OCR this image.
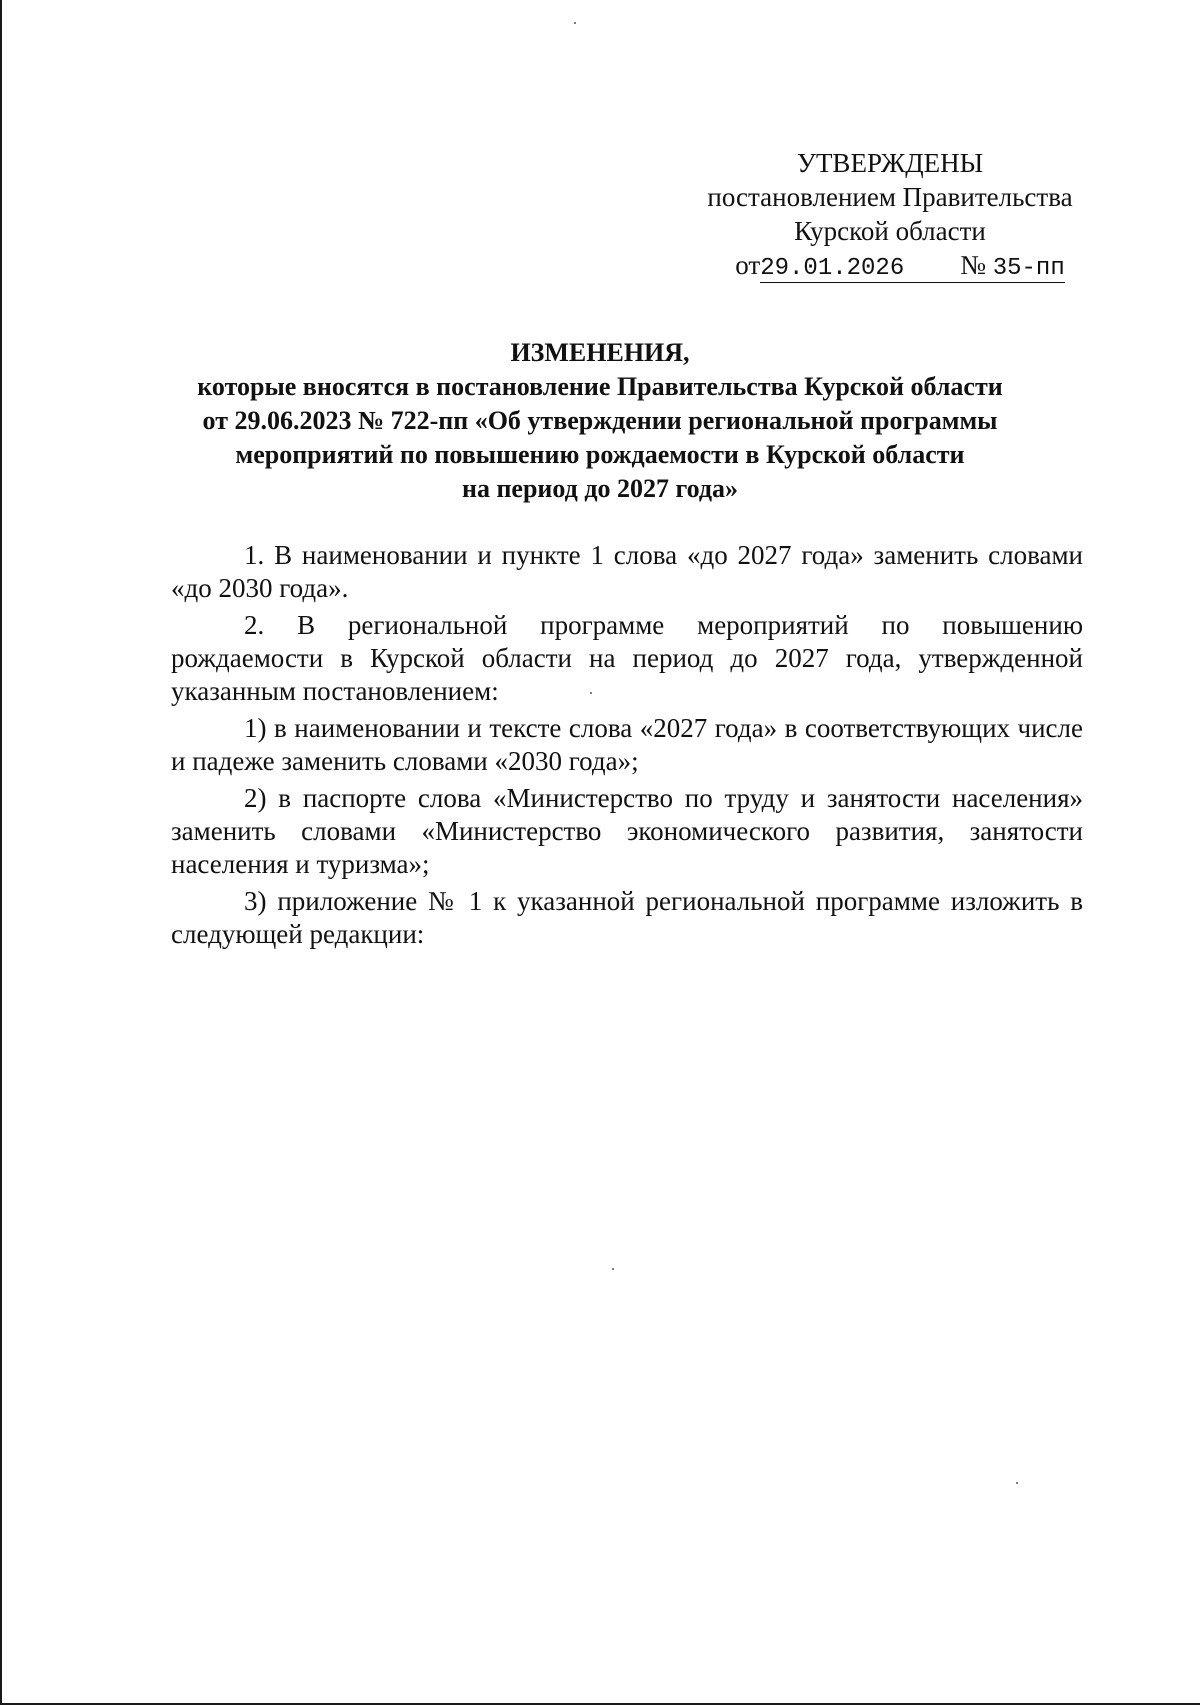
УТВЕРЖДЕНЫ
постановлением Правительства
Курской области
от29.01.2026 № 35-пп
ИЗМЕНЕНИЯ,
которые вносятся в постановление Правительства Курской области
от 29.06.2023 № 722-пп «Об утверждении региональной программы
мероприятий по повышению рождаемости в Курской области
на период до 2027 года»

1. В наименовании и пункте 1 слова «до 2027 года» заменить словами «до 2030 года».

2. В региональной программе мероприятий по повышению рождаемости в Курской области на период до 2027 года, утвержденной указанным постановлением:

1) в наименовании и тексте слова «2027 года» в соответствующих числе и падеже заменить словами «2030 года»;

2) в паспорте слова «Министерство по труду и занятости населения» заменить словами «Министерство экономического развития, занятости населения и туризма»;

3) приложение № 1 к указанной региональной программе изложить в следующей редакции:
